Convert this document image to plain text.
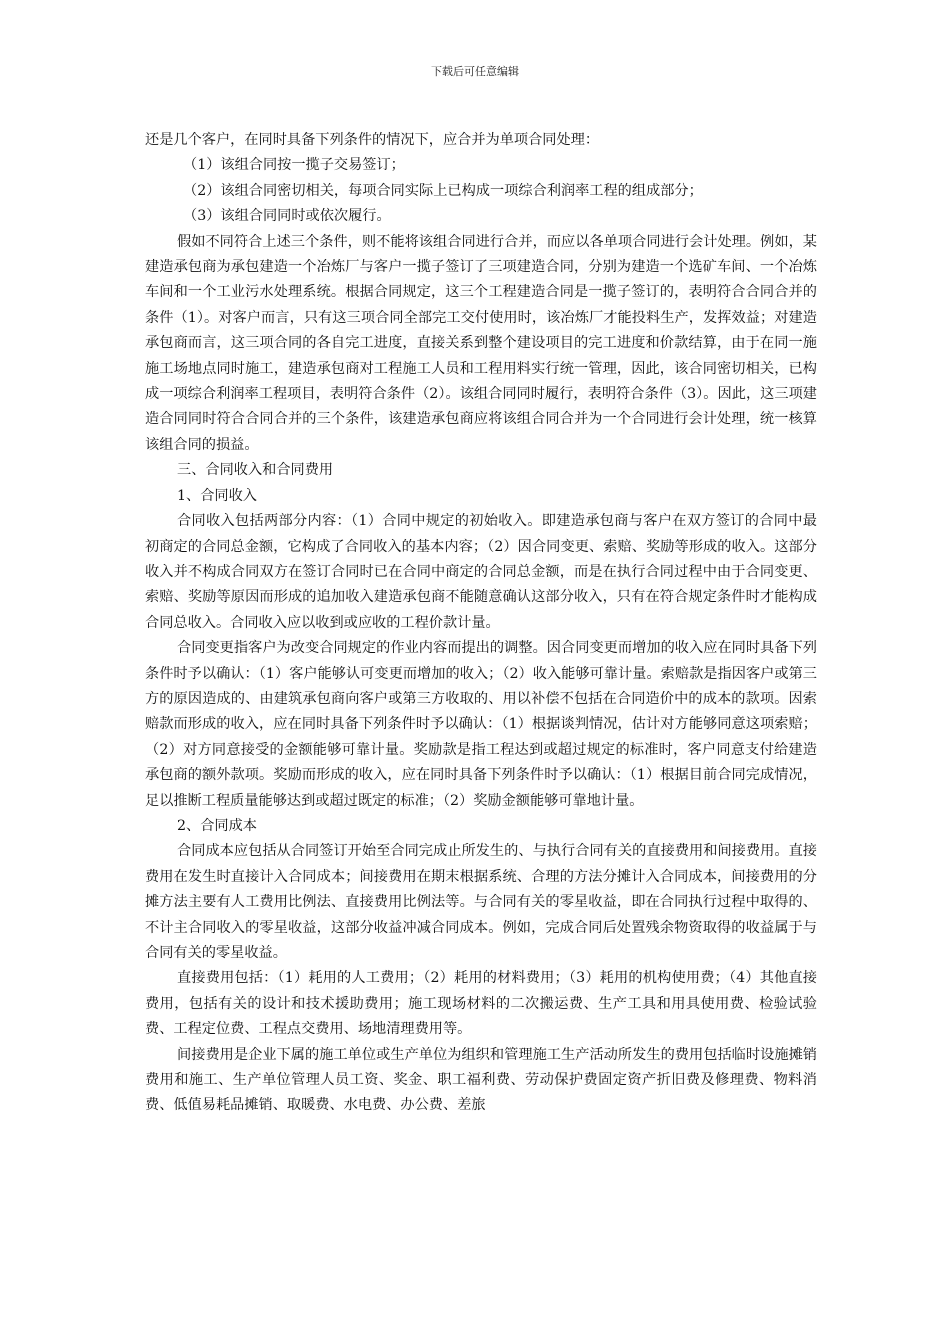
下载后可任意编辑

还是几个客户，在同时具备下列条件的情况下，应合并为单项合同处理：

（1）该组合同按一揽子交易签订；

（2）该组合同密切相关，每项合同实际上已构成一项综合利润率工程的组成部分；

（3）该组合同同时或依次履行。

假如不同符合上述三个条件，则不能将该组合同进行合并，而应以各单项合同进行会计处理。例如，某建造承包商为承包建造一个冶炼厂与客户一揽子签订了三项建造合同，分别为建造一个选矿车间、一个冶炼车间和一个工业污水处理系统。根据合同规定，这三个工程建造合同是一揽子签订的，表明符合合同合并的条件（1）。对客户而言，只有这三项合同全部完工交付使用时，该冶炼厂才能投料生产，发挥效益；对建造承包商而言，这三项合同的各自完工进度，直接关系到整个建设项目的完工进度和价款结算，由于在同一施施工场地点同时施工，建造承包商对工程施工人员和工程用料实行统一管理，因此，该合同密切相关，已构成一项综合利润率工程项目，表明符合条件（2）。该组合同同时履行，表明符合条件（3）。因此，这三项建造合同同时符合合同合并的三个条件，该建造承包商应将该组合同合并为一个合同进行会计处理，统一核算该组合同的损益。

三、合同收入和合同费用

1、合同收入

合同收入包括两部分内容：（1）合同中规定的初始收入。即建造承包商与客户在双方签订的合同中最初商定的合同总金额，它构成了合同收入的基本内容；（2）因合同变更、索赔、奖励等形成的收入。这部分收入并不构成合同双方在签订合同时已在合同中商定的合同总金额，而是在执行合同过程中由于合同变更、索赔、奖励等原因而形成的追加收入建造承包商不能随意确认这部分收入，只有在符合规定条件时才能构成合同总收入。合同收入应以收到或应收的工程价款计量。

合同变更指客户为改变合同规定的作业内容而提出的调整。因合同变更而增加的收入应在同时具备下列条件时予以确认：（1）客户能够认可变更而增加的收入；（2）收入能够可靠计量。索赔款是指因客户或第三方的原因造成的、由建筑承包商向客户或第三方收取的、用以补偿不包括在合同造价中的成本的款项。因索赔款而形成的收入，应在同时具备下列条件时予以确认：（1）根据谈判情况，估计对方能够同意这项索赔；（2）对方同意接受的金额能够可靠计量。奖励款是指工程达到或超过规定的标准时，客户同意支付给建造承包商的额外款项。奖励而形成的收入，应在同时具备下列条件时予以确认：（1）根据目前合同完成情况，足以推断工程质量能够达到或超过既定的标准；（2）奖励金额能够可靠地计量。

2、合同成本

合同成本应包括从合同签订开始至合同完成止所发生的、与执行合同有关的直接费用和间接费用。直接费用在发生时直接计入合同成本；间接费用在期末根据系统、合理的方法分摊计入合同成本，间接费用的分摊方法主要有人工费用比例法、直接费用比例法等。与合同有关的零星收益，即在合同执行过程中取得的、不计主合同收入的零星收益，这部分收益冲减合同成本。例如，完成合同后处置残余物资取得的收益属于与合同有关的零星收益。

直接费用包括：（1）耗用的人工费用；（2）耗用的材料费用；（3）耗用的机构使用费；（4）其他直接费用，包括有关的设计和技术援助费用；施工现场材料的二次搬运费、生产工具和用具使用费、检验试验费、工程定位费、工程点交费用、场地清理费用等。

间接费用是企业下属的施工单位或生产单位为组织和管理施工生产活动所发生的费用包括临时设施摊销费用和施工、生产单位管理人员工资、奖金、职工福利费、劳动保护费固定资产折旧费及修理费、物料消费、低值易耗品摊销、取暖费、水电费、办公费、差旅
